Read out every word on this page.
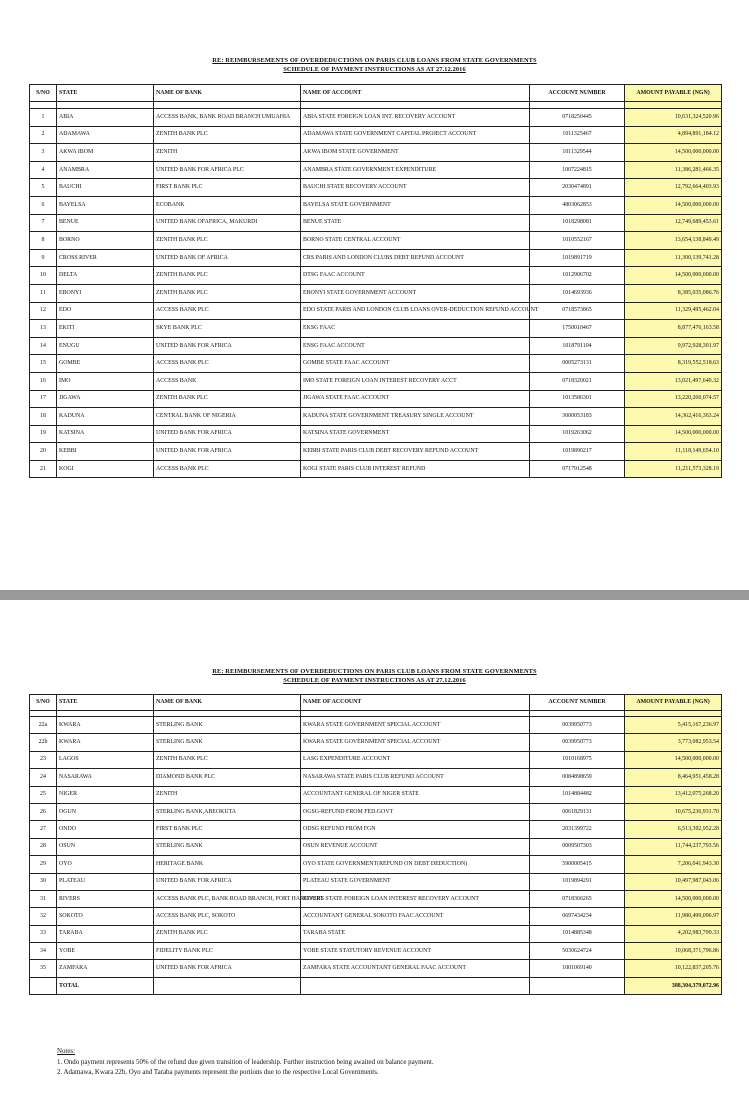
RE: REIMBURSEMENTS OF OVERDEDUCTIONS ON PARIS CLUB LOANS FROM STATE GOVERNMENTS
SCHEDULE OF PAYMENT INSTRUCTIONS AS AT 27.12.2016
S/NO	STATE	NAME OF BANK	NAME OF ACCOUNT	ACCOUNT NUMBER	AMOUNT PAYABLE (NGN)

1	ABIA	ACCESS BANK, BANK ROAD BRANCH UMUAHIA	ABIA STATE FOREIGN LOAN INT. RECOVERY ACCOUNT	0718250445	10,631,324,520.96
2	ADAMAWA	ZENITH BANK PLC	ADAMAWA STATE GOVERNMENT CAPITAL PROJECT ACCOUNT	1011325467	4,894,891,184.12
3	AKWA IBOM	ZENITH	AKWA IBOM STATE GOVERNMENT	1011329544	14,500,000,000.00
4	ANAMBRA	UNITED BANK FOR AFRICA PLC	ANAMBRA STATE GOVERNMENT EXPENDITURE	1007224815	11,386,281,466.35
5	BAUCHI	FIRST BANK PLC	BAUCHI STATE RECOVERY ACCOUNT	2030474891	12,792,664,403.93
6	BAYELSA	ECOBANK	BAYELSA STATE GOVERNMENT	4803062853	14,500,000,000.00
7	BENUE	UNITED BANK OFAFRICA, MAKURDI	BENUE STATE	1018298081	12,749,689,453.61
8	BORNO	ZENITH BANK PLC	BORNO STATE CENTRAL ACCOUNT	1010552167	13,654,138,849.49
9	CROSS RIVER	UNITED BANK OF AFRICA	CRS PARIS AND LONDON CLUBS DEBT REFUND ACCOUNT	1019891719	11,300,139,741.28
10	DELTA	ZENITH BANK PLC	DTSG FAAC ACCOUNT	1012906702	14,500,000,000.00
11	EBONYI	ZENITH BANK PLC	EBONYI STATE GOVERNMENT ACCOUNT	1014693936	8,385,035,086.76
12	EDO	ACCESS BANK PLC	EDO STATE PARIS AND LONDON CLUB LOANS OVER-DEDUCTION REFUND ACCOUNT	0718573865	11,329,495,462.04
13	EKITI	SKYE BANK PLC	EKSG FAAC	1750010467	8,877,476,163.58
14	ENUGU	UNITED BANK FOR AFRICA	ENSG FAAC ACCOUNT	1018791104	9,972,928,301.97
15	GOMBE	ACCESS BANK PLC	GOMBE STATE FAAC ACCOUNT	0005273131	8,319,552,518.63
16	IMO	ACCESS BANK	IMO STATE FOREIGN LOAN INTEREST RECOVERY ACCT	0718320021	13,021,497,640.32
17	JIGAWA	ZENITH BANK PLC	JIGAWA STATE FAAC ACCOUNT	1013586301	13,220,260,074.57
18	KADUNA	CENTRAL BANK OF NIGERIA	KADUNA STATE GOVERNMENT TREASURY SINGLE ACCOUNT	3000053183	14,362,416,363.24
19	KATSINA	UNITED BANK FOR AFRICA	KATSINA STATE GOVERNMENT	1019263062	14,500,000,000.00
20	KEBBI	UNITED BANK FOR AFRICA	KEBBI STATE PARIS CLUB DEBT RECOVERY REFUND ACCOUNT	1019890217	11,118,149,654.10
21	KOGI	ACCESS BANK PLC	KOGI STATE PARIS CLUB INTEREST REFUND	0717912548	11,211,573,328.19
RE: REIMBURSEMENTS OF OVERDEDUCTIONS ON PARIS CLUB LOANS FROM STATE GOVERNMENTS
SCHEDULE OF PAYMENT INSTRUCTIONS AS AT 27.12.2016
S/NO	STATE	NAME OF BANK	NAME OF ACCOUNT	ACCOUNT NUMBER	AMOUNT PAYABLE (NGN)

22a	KWARA	STERLING BANK	KWARA STATE GOVERNMENT SPECIAL ACCOUNT	0039950773	5,415,167,236.97
22b	KWARA	STERLING BANK	KWARA STATE GOVERNMENT SPECIAL ACCOUNT	0039950773	3,773,082,953.54
23	LAGOS	ZENITH BANK PLC	LASG EXPENDITURE ACCOUNT	1010168975	14,500,000,000.00
24	NASARAWA	DIAMOND BANK PLC	NASARAWA STATE PARIS CLUB REFUND ACCOUNT	0084898659	8,464,951,458.28
25	NIGER	ZENITH	ACCOUNTANT GENERAL OF NIGER STATE	1014884482	13,412,075,268.20
26	OGUN	STERLING BANK,ABEOKUTA	OGSG-REFUND FROM FED.GOVT	0061829131	10,675,236,931.70
27	ONDO	FIRST BANK PLC	ODSG REFUND FROM FGN	2031399722	6,513,392,952.28
28	OSUN	STERLING BANK	OSUN REVENUE ACCOUNT	0009507303	11,744,237,793.56
29	OYO	HERITAGE BANK	OYO STATE GOVERNMENT(REFUND ON DEBT DEDUCTION)	5900005415	7,206,041,943.30
30	PLATEAU	UNITED BANK FOR AFRICA	PLATEAU STATE GOVERNMENT	1019894291	10,497,987,043.06
31	RIVERS	ACCESS BANK PLC, BANK ROAD BRANCH, PORT HARCOURT	RIVERS STATE FOREIGN LOAN INTEREST RECOVERY ACCOUNT	0718366265	14,500,000,000.00
32	SOKOTO	ACCESS BANK PLC, SOKOTO	ACCOUNTANT GENERAL SOKOTO FAAC ACCOUNT	0697434234	11,980,499,096.97
33	TARABA	ZENITH BANK PLC	TARABA STATE	1014885348	4,202,983,799.33
34	YOBE	FIDELITY BANK PLC	YOBE STATE STATUTORY REVENUE ACCOUNT	5030624724	10,068,371,796.86
35	ZAMFARA	UNITED BANK FOR AFRICA	ZAMFARA STATE ACCOUNTANT GENERAL FAAC ACCOUNT	1001069140	10,122,837,205.76
	TOTAL				388,304,379,072.96
Notes:
1. Ondo payment represents 50% of the refund due given transition of leadership. Further instruction being awaited on balance payment.
2. Adamawa, Kwara 22b, Oyo and Taraba payments represent the portions due to the respective Local Governments.
